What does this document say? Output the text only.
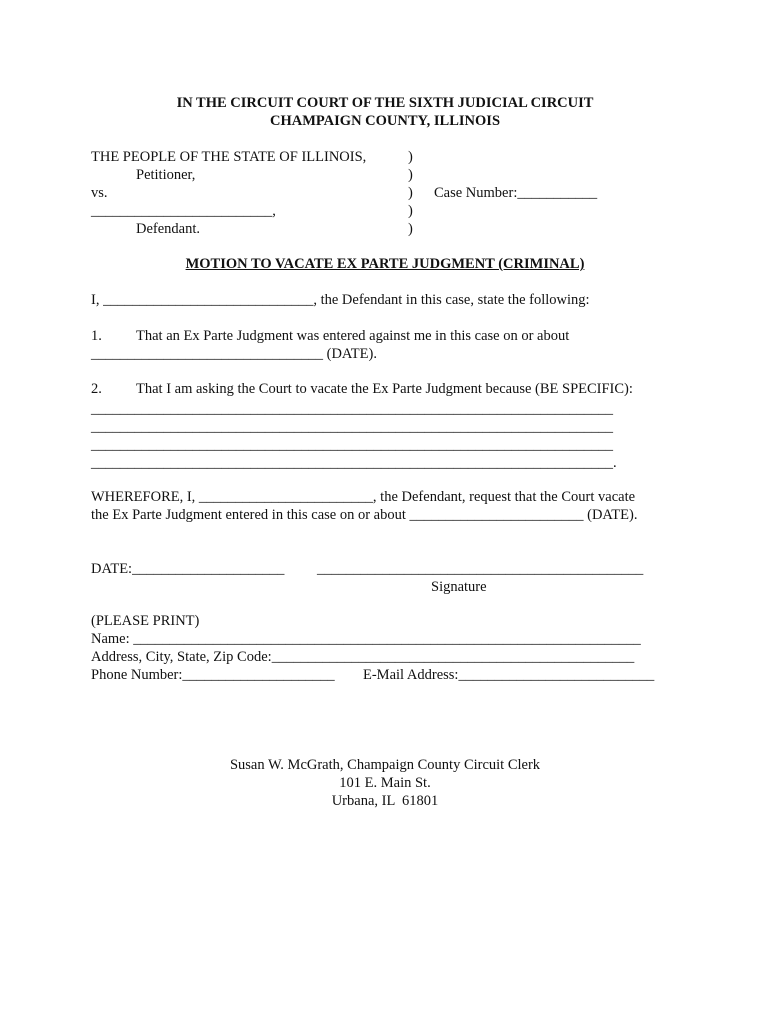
IN THE CIRCUIT COURT OF THE SIXTH JUDICIAL CIRCUIT
CHAMPAIGN COUNTY, ILLINOIS
THE PEOPLE OF THE STATE OF ILLINOIS,
Petitioner,
vs.
_________________________,
Defendant.
)
)
)
)
)
Case Number:___________
MOTION TO VACATE EX PARTE JUDGMENT (CRIMINAL)
I, _____________________________, the Defendant in this case, state the following:
1. That an Ex Parte Judgment was entered against me in this case on or about
________________________________ (DATE).
2. That I am asking the Court to vacate the Ex Parte Judgment because (BE SPECIFIC):
________________________________________________________________________
________________________________________________________________________
________________________________________________________________________
________________________________________________________________________.
WHEREFORE, I, ________________________, the Defendant, request that the Court vacate
the Ex Parte Judgment entered in this case on or about ________________________ (DATE).
DATE:_____________________ _____________________________________________
Signature
(PLEASE PRINT)
Name: ______________________________________________________________________
Address, City, State, Zip Code:__________________________________________________
Phone Number:_____________________ E-Mail Address:___________________________
Susan W. McGrath, Champaign County Circuit Clerk
101 E. Main St.
Urbana, IL  61801
